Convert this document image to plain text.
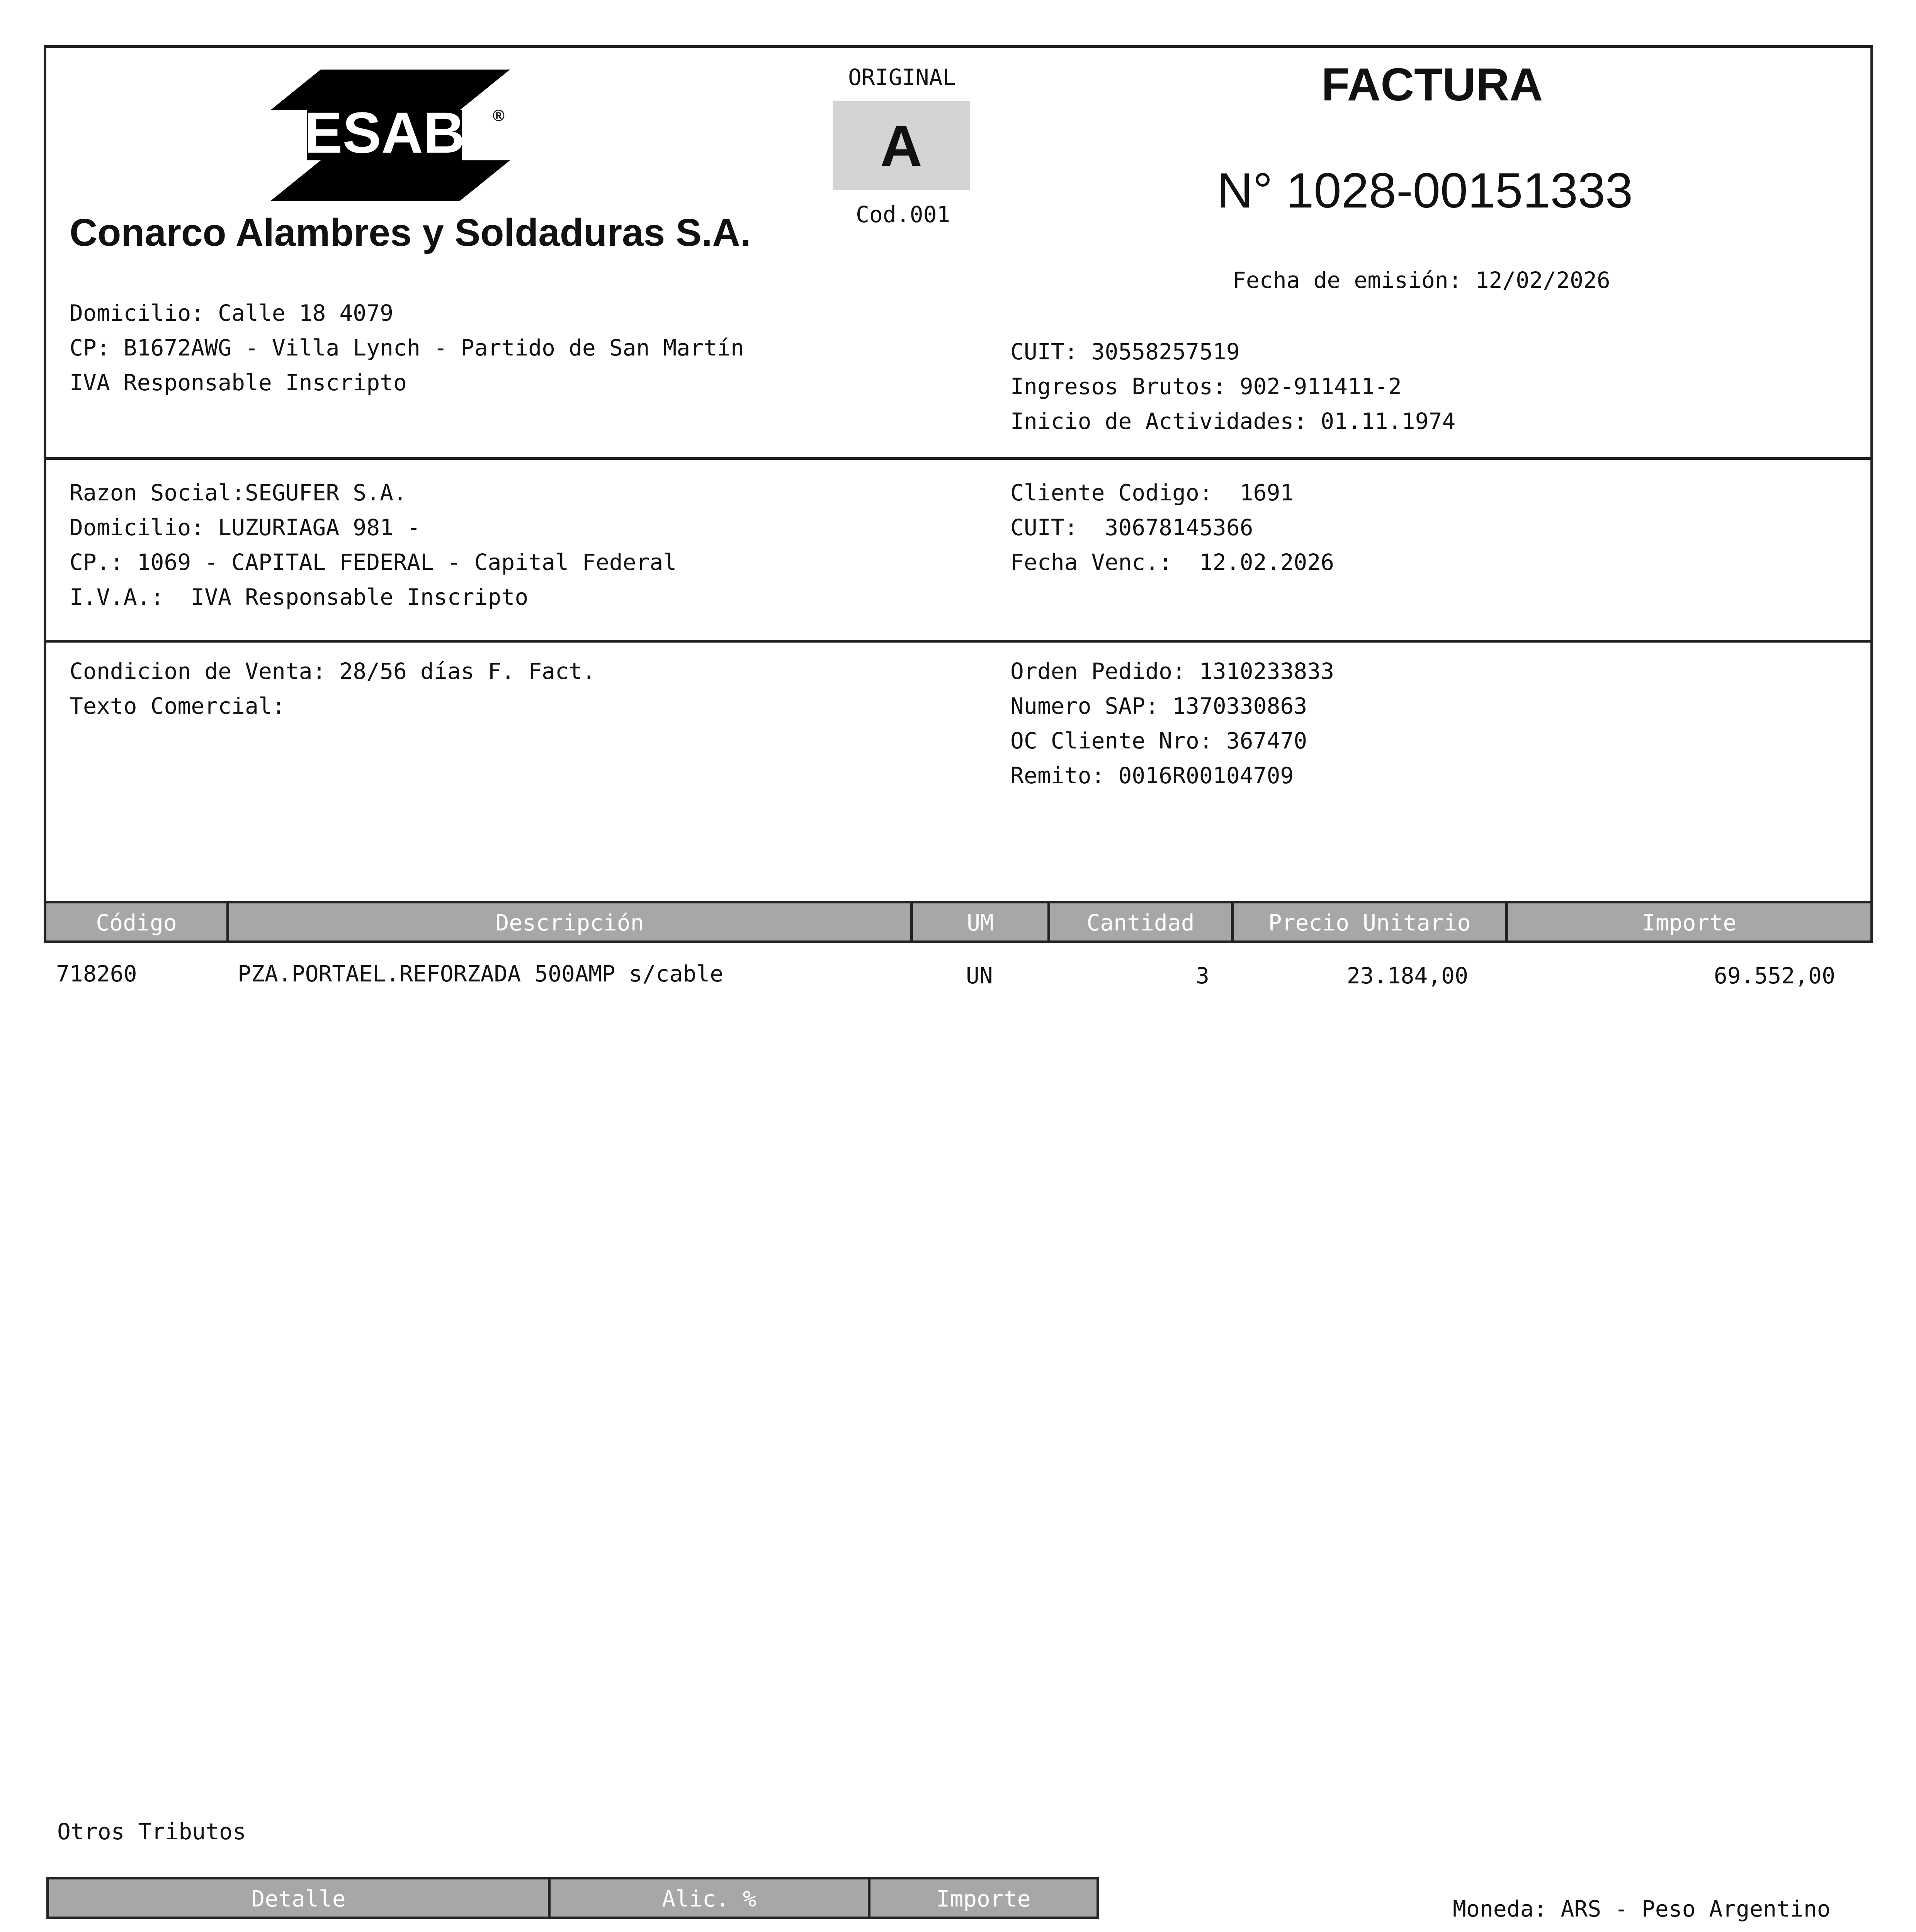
ESAB ®
Conarco Alambres y Soldaduras S.A.
Domicilio: Calle 18 4079
CP: B1672AWG - Villa Lynch - Partido de San Martín
IVA Responsable Inscripto
ORIGINAL
A
Cod.001
FACTURA
N° 1028-00151333
Fecha de emisión: 12/02/2026
CUIT: 30558257519
Ingresos Brutos: 902-911411-2
Inicio de Actividades: 01.11.1974
Razon Social:SEGUFER S.A.
Domicilio: LUZURIAGA 981 -
CP.: 1069 - CAPITAL FEDERAL - Capital Federal
I.V.A.:  IVA Responsable Inscripto
Cliente Codigo:  1691
CUIT:  30678145366
Fecha Venc.:  12.02.2026
Condicion de Venta: 28/56 días F. Fact.
Texto Comercial:
Orden Pedido: 1310233833
Numero SAP: 1370330863
OC Cliente Nro: 367470
Remito: 0016R00104709
Código	Descripción	UM	Cantidad	Precio Unitario	Importe
718260	PZA.PORTAEL.REFORZADA 500AMP s/cable	UN	3	23.184,00	69.552,00
Otros Tributos
Detalle	Alic. %	Importe	Moneda: ARS - Peso Argentino
